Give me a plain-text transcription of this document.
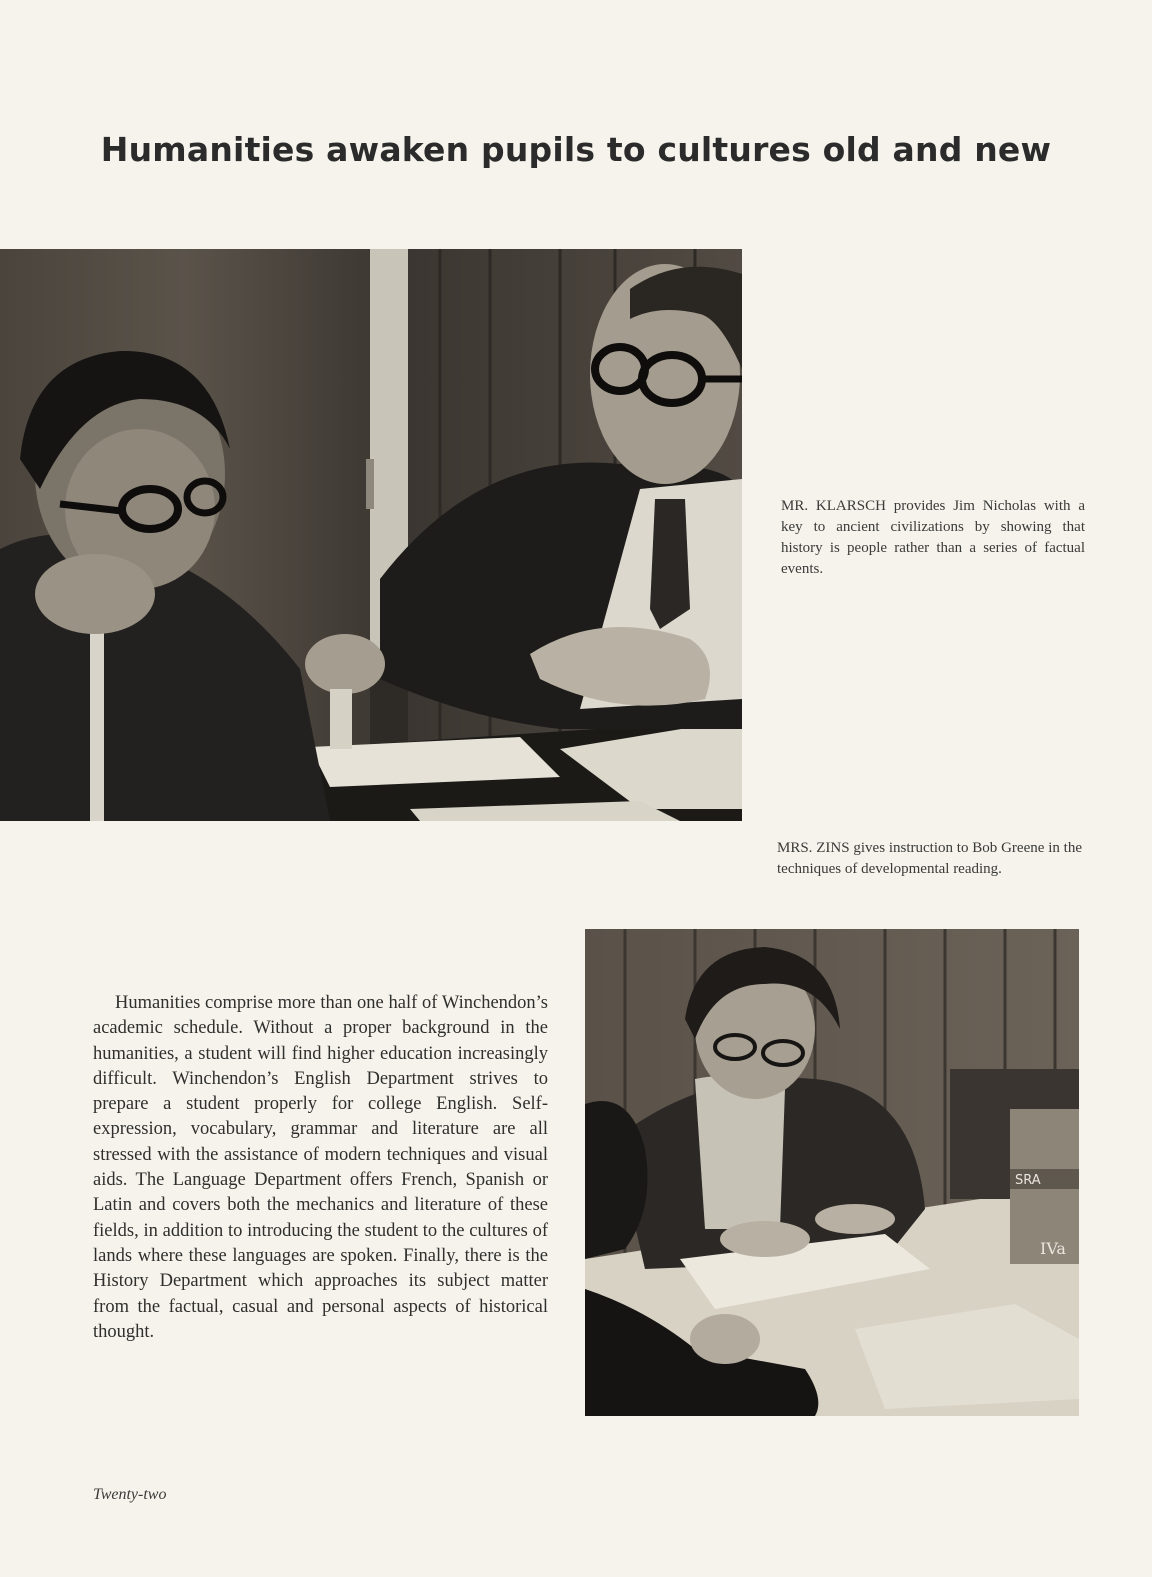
Humanities awaken pupils to cultures old and new

MR. KLARSCH provides Jim Nicholas with a key to ancient civilizations by showing that history is people rather than a series of factual events.

MRS. ZINS gives instruction to Bob Greene in the techniques of developmental reading.

SRA
IVa

Humanities comprise more than one half of Winchendon’s academic schedule. Without a proper background in the humanities, a student will find higher education increasingly difficult. Winchendon’s English Department strives to prepare a student properly for college English. Self-expression, vocabulary, grammar and literature are all stressed with the assistance of modern techniques and visual aids. The Language Department offers French, Spanish or Latin and covers both the mechanics and literature of these fields, in addition to introducing the student to the cultures of lands where these languages are spoken. Finally, there is the History Department which approaches its subject matter from the factual, casual and personal aspects of historical thought.

Twenty-two
